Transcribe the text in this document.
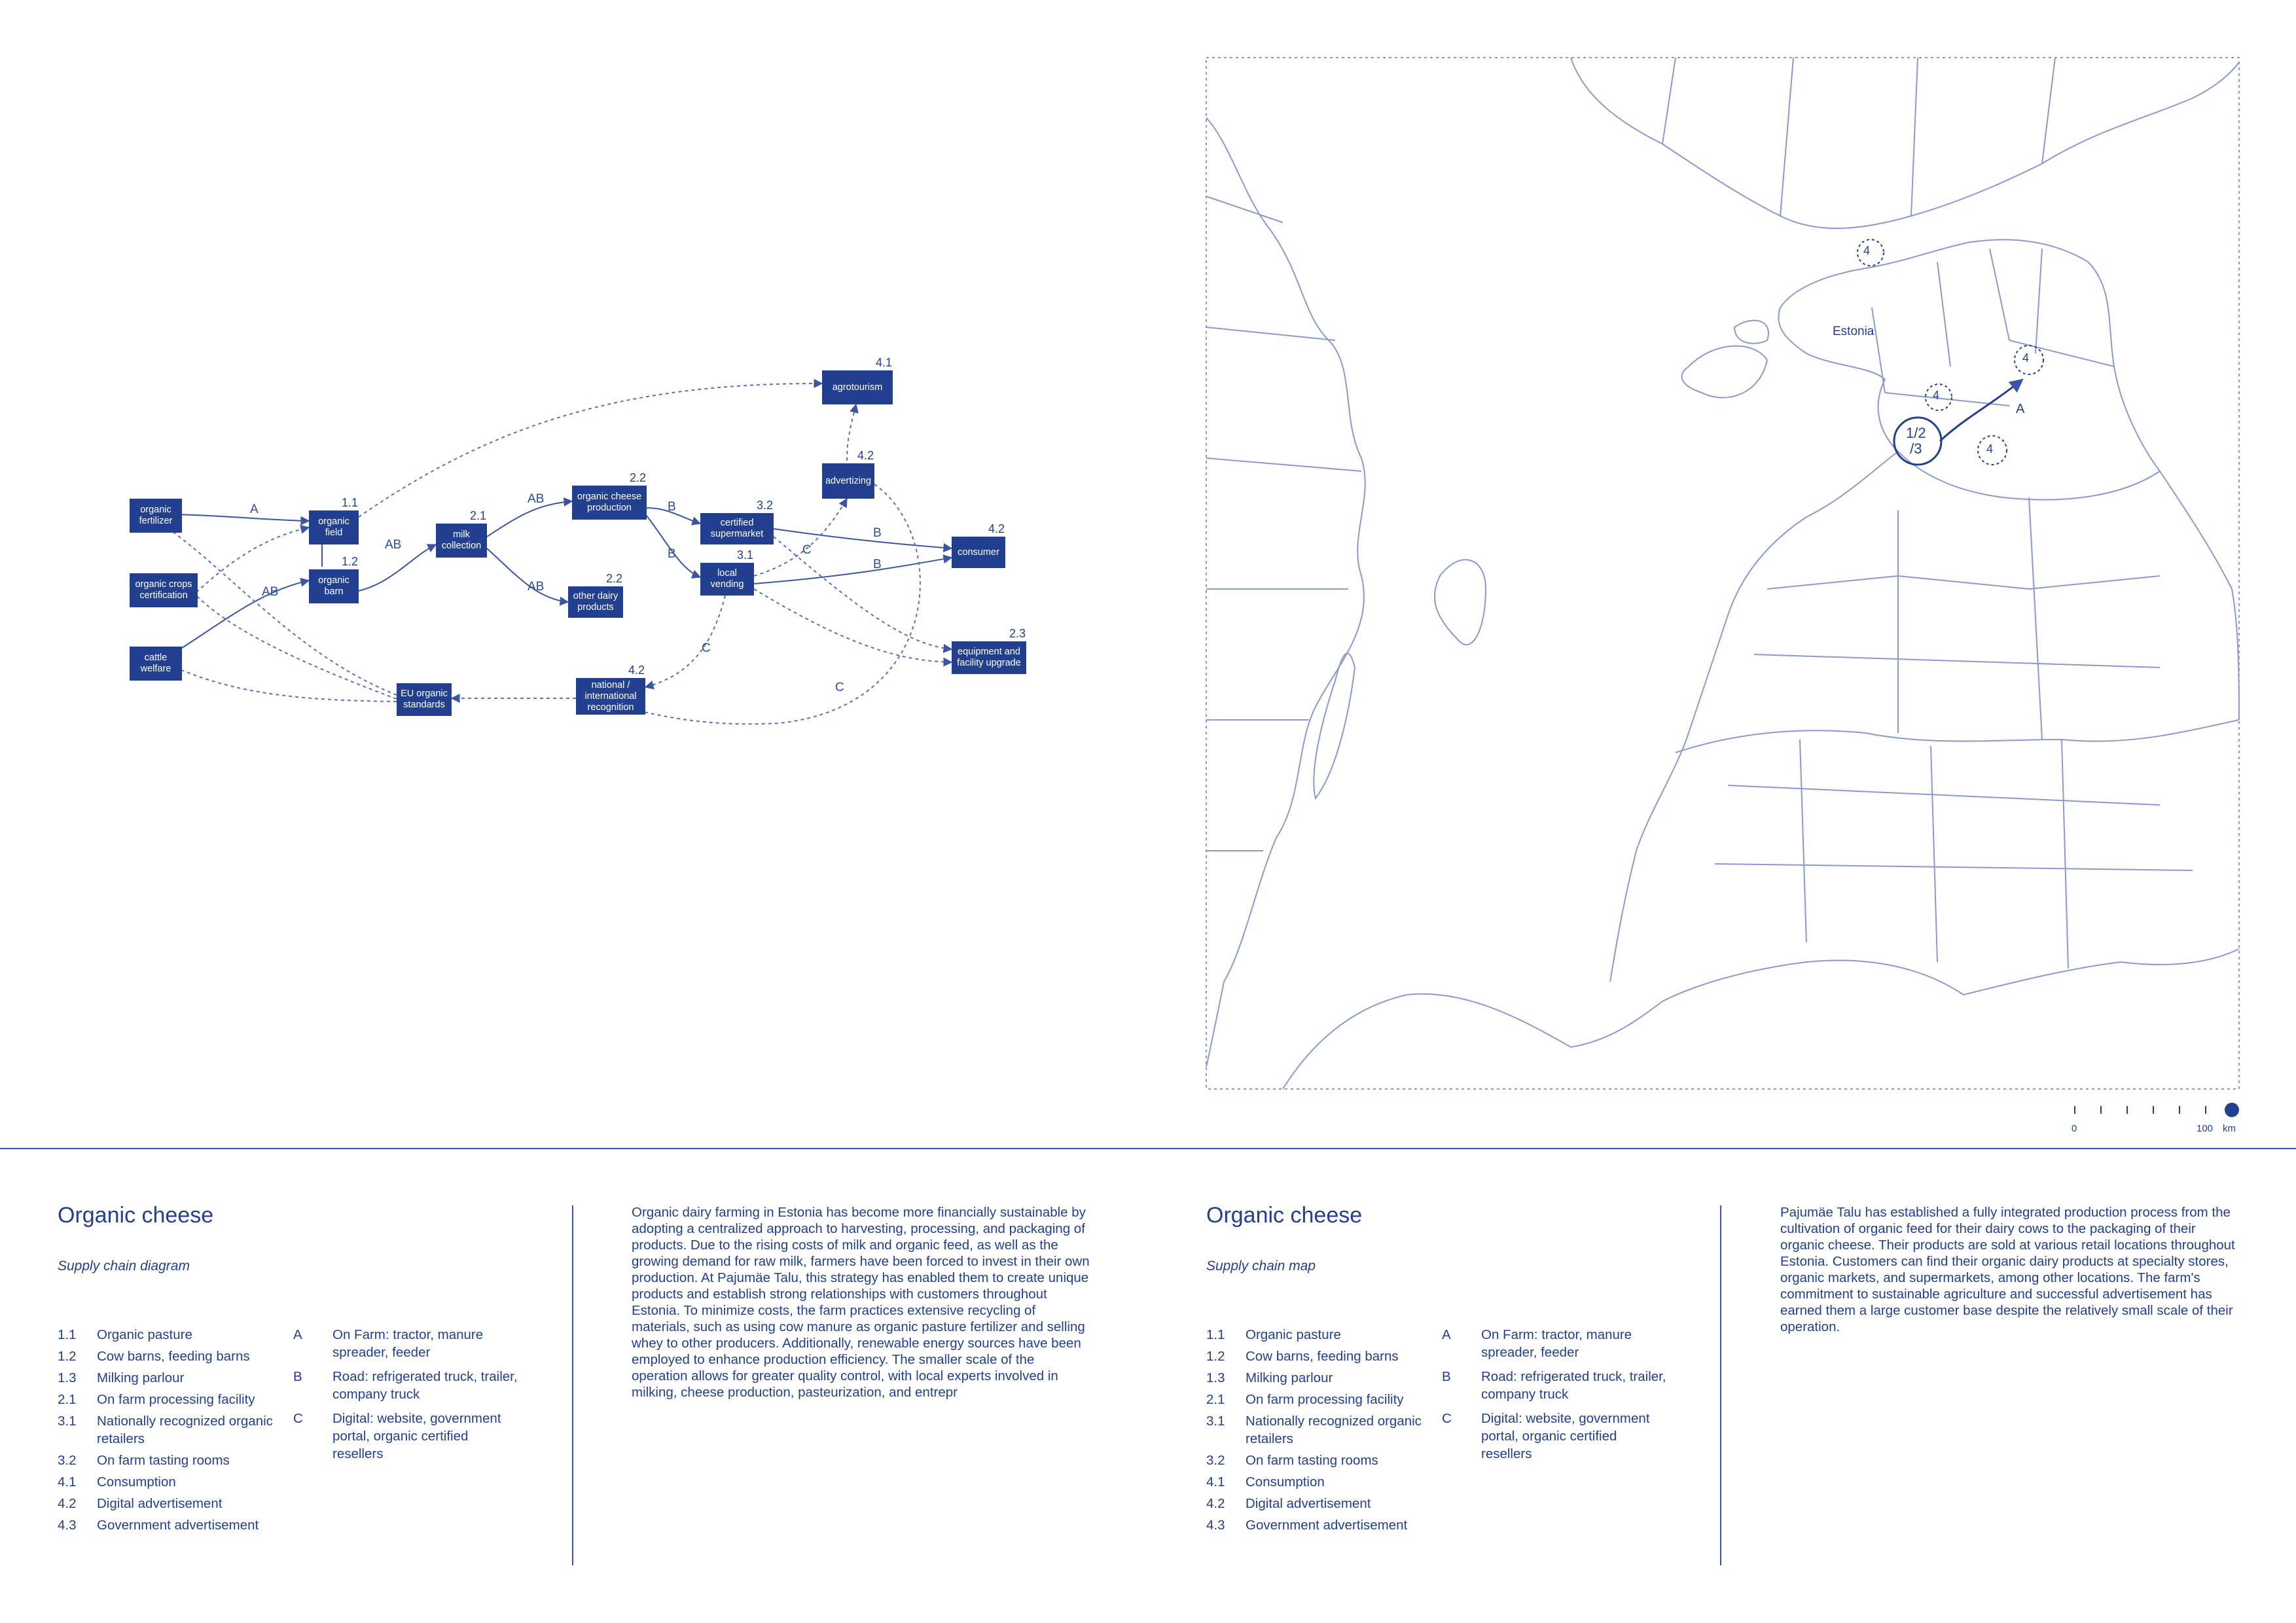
organic
fertilizer
organic crops
certification
cattle
welfare
organic
field
1.1
organic
barn
1.2
milk
collection
2.1
organic cheese
production
2.2
other dairy
products
2.2
certified
supermarket
3.2
local
vending
3.1
advertizing
4.2
agrotourism
4.1
consumer
4.2
equipment and
facility upgrade
2.3
EU organic
standards
national /
international
recognition
4.2
A
AB
AB
AB
AB
B
B
B
B
C
C
C
Estonia
4
4
4
1/2
/3	4
A
0	100 km
Organic cheese
Supply chain diagram
1.1	Organic pasture
1.2	Cow barns, feeding barns
1.3	Milking parlour
2.1	On farm processing facility
3.1	Nationally recognized organic retailers
3.2	On farm tasting rooms
4.1	Consumption
4.2	Digital advertisement
4.3	Government advertisement
A	On Farm: tractor, manure spreader, feeder
B	Road: refrigerated truck, trailer, company truck
C	Digital: website, government portal, organic certified resellers
Organic dairy farming in Estonia has become more financially sustainable by adopting a centralized approach to harvesting, processing, and packaging of products. Due to the rising costs of milk and organic feed, as well as the growing demand for raw milk, farmers have been forced to invest in their own production. At Pajumäe Talu, this strategy has enabled them to create unique products and establish strong relationships with customers throughout Estonia. To minimize costs, the farm practices extensive recycling of materials, such as using cow manure as organic pasture fertilizer and selling whey to other producers. Additionally, renewable energy sources have been employed to enhance production efficiency. The smaller scale of the operation allows for greater quality control, with local experts involved in milking, cheese production, pasteurization, and entrepr
Organic cheese
Supply chain map
1.1	Organic pasture
1.2	Cow barns, feeding barns
1.3	Milking parlour
2.1	On farm processing facility
3.1	Nationally recognized organic retailers
3.2	On farm tasting rooms
4.1	Consumption
4.2	Digital advertisement
4.3	Government advertisement
A	On Farm: tractor, manure spreader, feeder
B	Road: refrigerated truck, trailer, company truck
C	Digital: website, government portal, organic certified resellers
Pajumäe Talu has established a fully integrated production process from the cultivation of organic feed for their dairy cows to the packaging of their organic cheese. Their products are sold at various retail locations throughout Estonia. Customers can find their organic dairy products at specialty stores, organic markets, and supermarkets, among other locations. The farm's commitment to sustainable agriculture and successful advertisement has earned them a large customer base despite the relatively small scale of their operation.
